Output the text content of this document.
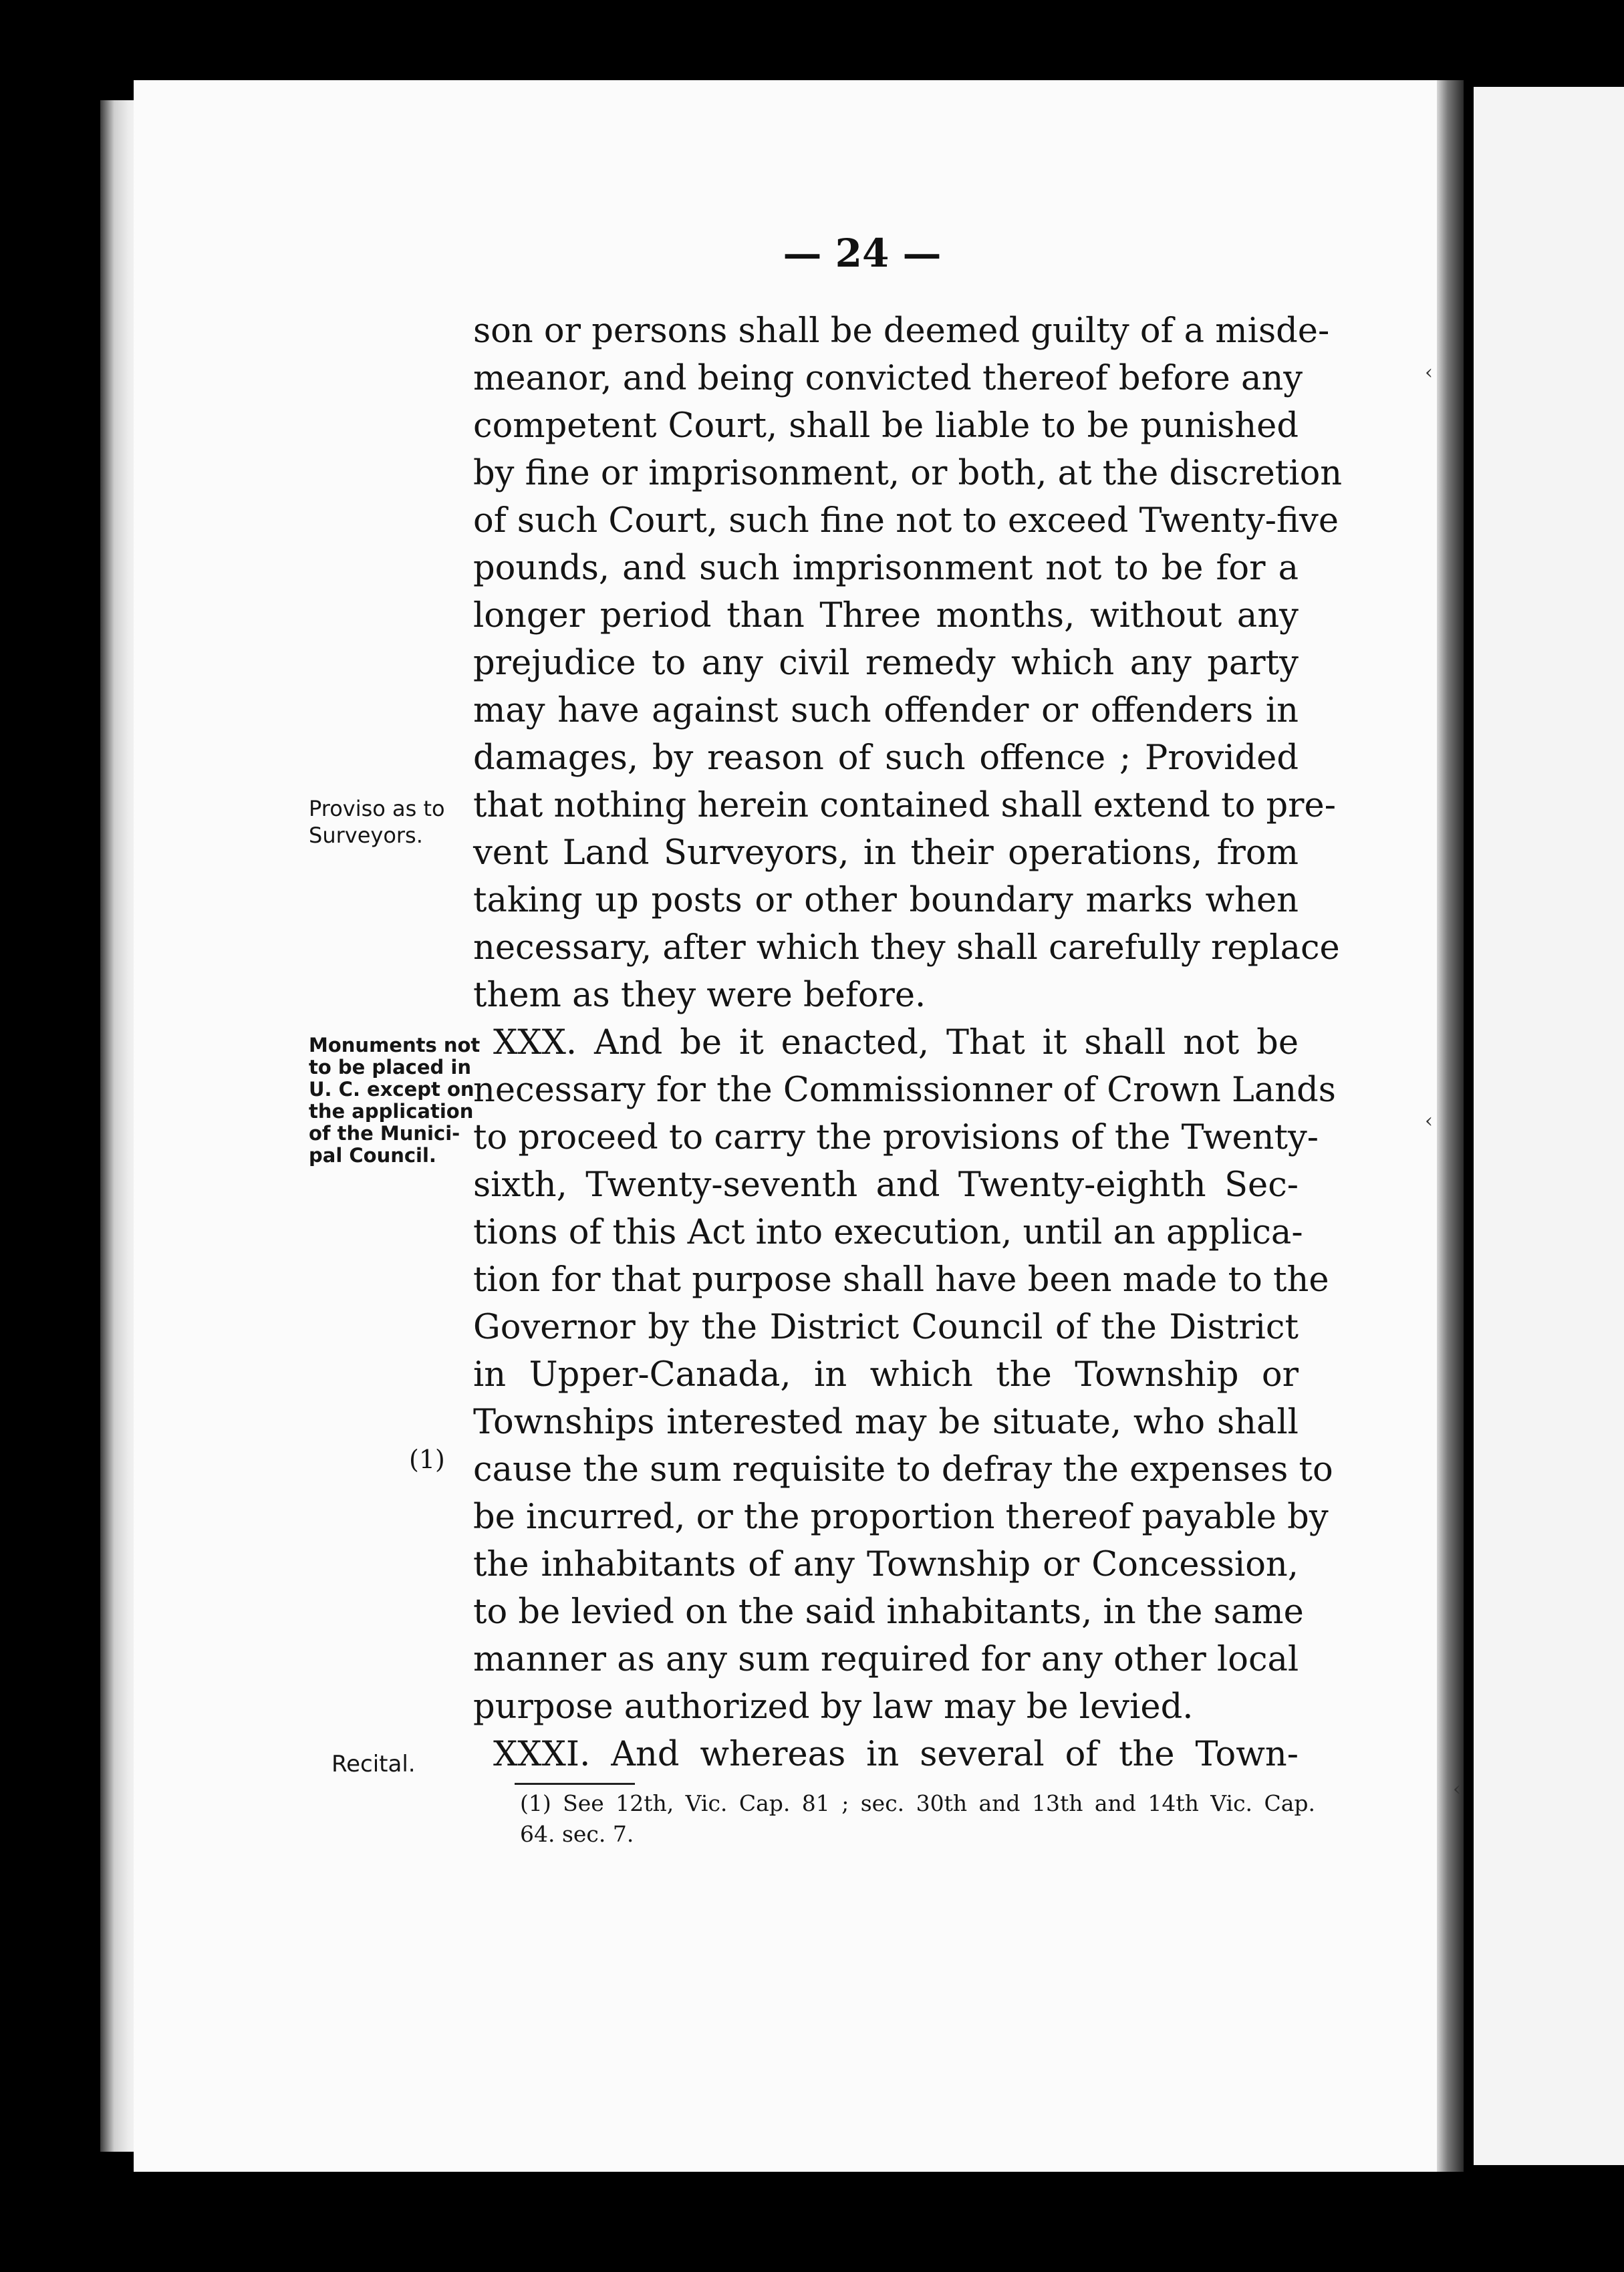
‹
‹
‹
— 24 —
son or persons shall be deemed guilty of a misde-
meanor, and being convicted thereof before any
competent Court, shall be liable to be punished
by fine or imprisonment, or both, at the discretion
of such Court, such fine not to exceed Twenty-five
pounds, and such imprisonment not to be for a
longer period than Three months, without any
prejudice to any civil remedy which any party
may have against such offender or offenders in
damages, by reason of such offence ; Provided
that nothing herein contained shall extend to pre-
vent Land Surveyors, in their operations, from
taking up posts or other boundary marks when
necessary, after which they shall carefully replace
them as they were before.
XXX. And be it enacted, That it shall not be
necessary for the Commissionner of Crown Lands
to proceed to carry the provisions of the Twenty-
sixth, Twenty-seventh and Twenty-eighth Sec-
tions of this Act into execution, until an applica-
tion for that purpose shall have been made to the
Governor by the District Council of the District
in Upper-Canada, in which the Township or
Townships interested may be situate, who shall
cause the sum requisite to defray the expenses to
be incurred, or the proportion thereof payable by
the inhabitants of any Township or Concession,
to be levied on the said inhabitants, in the same
manner as any sum required for any other local
purpose authorized by law may be levied.
XXXI. And whereas in several of the Town-
Proviso as to
Surveyors.
Monuments not
to be placed in
U. C. except on
the application
of the Munici-
pal Council.
(1)
Recital.
(1) See 12th, Vic. Cap. 81 ; sec. 30th and 13th and 14th Vic. Cap.
64. sec. 7.
